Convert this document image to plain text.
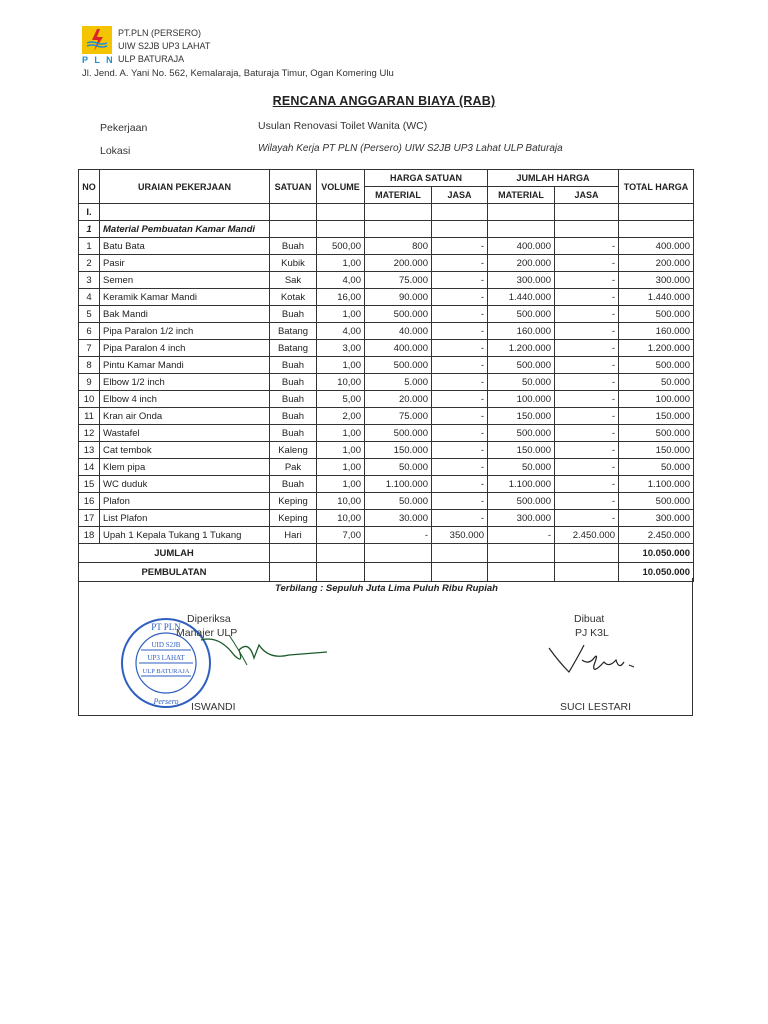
P L N
PT.PLN (PERSERO)
UIW S2JB UP3 LAHAT
ULP BATURAJA
Jl. Jend. A. Yani No. 562, Kemalaraja, Baturaja Timur, Ogan Komering Ulu
RENCANA ANGGARAN BIAYA (RAB)
Pekerjaan	Usulan Renovasi Toilet Wanita (WC)
Lokasi	Wilayah Kerja PT PLN (Persero) UIW S2JB UP3 Lahat ULP Baturaja
NO	URAIAN PEKERJAAN	SATUAN	VOLUME	HARGA SATUAN		JUMLAH HARGA		TOTAL HARGA
				MATERIAL	JASA	MATERIAL	JASA	
I.								
1	Material Pembuatan Kamar Mandi							
1	Batu Bata	Buah	500,00	800	-	400.000	-	400.000
2	Pasir	Kubik	1,00	200.000	-	200.000	-	200.000
3	Semen	Sak	4,00	75.000	-	300.000	-	300.000
4	Keramik Kamar Mandi	Kotak	16,00	90.000	-	1.440.000	-	1.440.000
5	Bak Mandi	Buah	1,00	500.000	-	500.000	-	500.000
6	Pipa Paralon 1/2 inch	Batang	4,00	40.000	-	160.000	-	160.000
7	Pipa Paralon 4 inch	Batang	3,00	400.000	-	1.200.000	-	1.200.000
8	Pintu Kamar Mandi	Buah	1,00	500.000	-	500.000	-	500.000
9	Elbow 1/2 inch	Buah	10,00	5.000	-	50.000	-	50.000
10	Elbow 4 inch	Buah	5,00	20.000	-	100.000	-	100.000
11	Kran air Onda	Buah	2,00	75.000	-	150.000	-	150.000
12	Wastafel	Buah	1,00	500.000	-	500.000	-	500.000
13	Cat tembok	Kaleng	1,00	150.000	-	150.000	-	150.000
14	Klem pipa	Pak	1,00	50.000	-	50.000	-	50.000
15	WC duduk	Buah	1,00	1.100.000	-	1.100.000	-	1.100.000
16	Plafon	Keping	10,00	50.000	-	500.000	-	500.000
17	List Plafon	Keping	10,00	30.000	-	300.000	-	300.000
18	Upah 1 Kepala Tukang 1 Tukang	Hari	7,00	-	350.000	-	2.450.000	2.450.000
JUMLAH								10.050.000
PEMBULATAN								10.050.000
Terbilang : Sepuluh Juta Lima Puluh Ribu Rupiah
PT PLN
UID S2JB
UP3 LAHAT
ULP BATURAJA
Persero
Diperiksa
Manajer ULP
ISWANDI
Dibuat
PJ K3L
SUCI LESTARI
